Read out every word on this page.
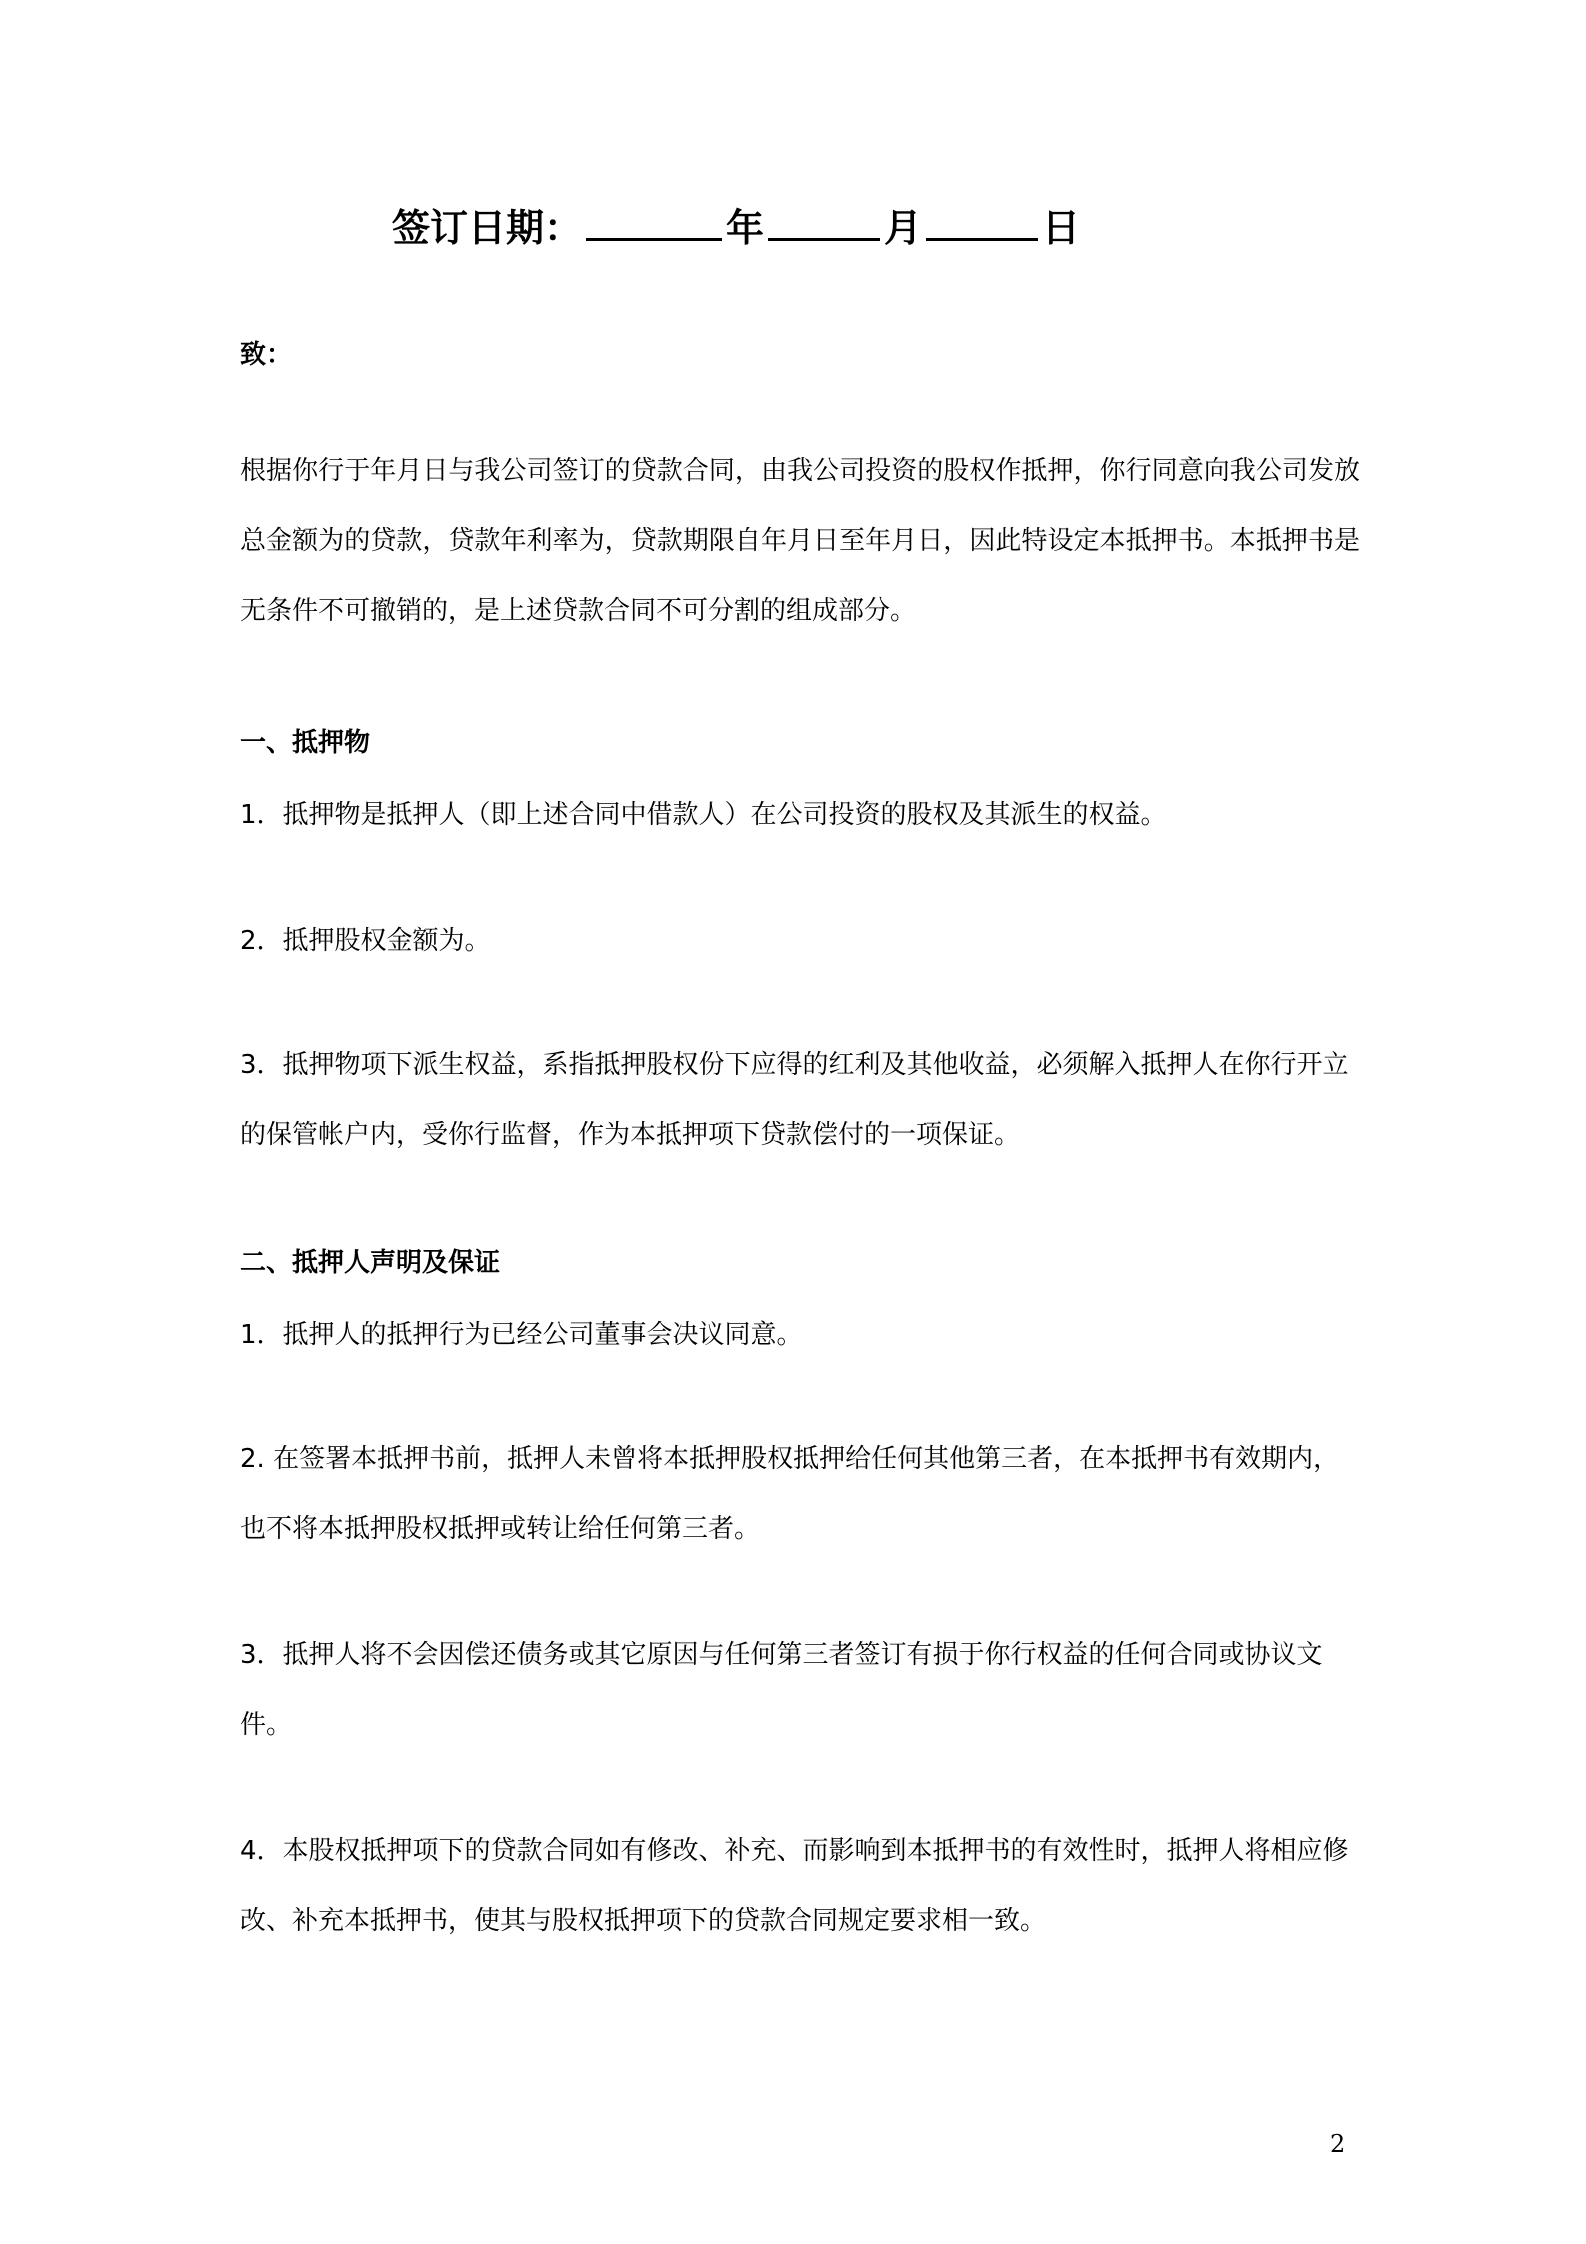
签订日期：	年	月	日
致：
根据你行于年月日与我公司签订的贷款合同，由我公司投资的股权作抵押，你行同意向我公司发放总金额为的贷款，贷款年利率为，贷款期限自年月日至年月日，因此特设定本抵押书。本抵押书是无条件不可撤销的，是上述贷款合同不可分割的组成部分。
一、抵押物
1．抵押物是抵押人（即上述合同中借款人）在公司投资的股权及其派生的权益。
2．抵押股权金额为。
3．抵押物项下派生权益，系指抵押股权份下应得的红利及其他收益，必须解入抵押人在你行开立的保管帐户内，受你行监督，作为本抵押项下贷款偿付的一项保证。
二、抵押人声明及保证
1．抵押人的抵押行为已经公司董事会决议同意。
2. 在签署本抵押书前，抵押人未曾将本抵押股权抵押给任何其他第三者，在本抵押书有效期内，也不将本抵押股权抵押或转让给任何第三者。
3．抵押人将不会因偿还债务或其它原因与任何第三者签订有损于你行权益的任何合同或协议文件。
4．本股权抵押项下的贷款合同如有修改、补充、而影响到本抵押书的有效性时，抵押人将相应修改、补充本抵押书，使其与股权抵押项下的贷款合同规定要求相一致。
2
